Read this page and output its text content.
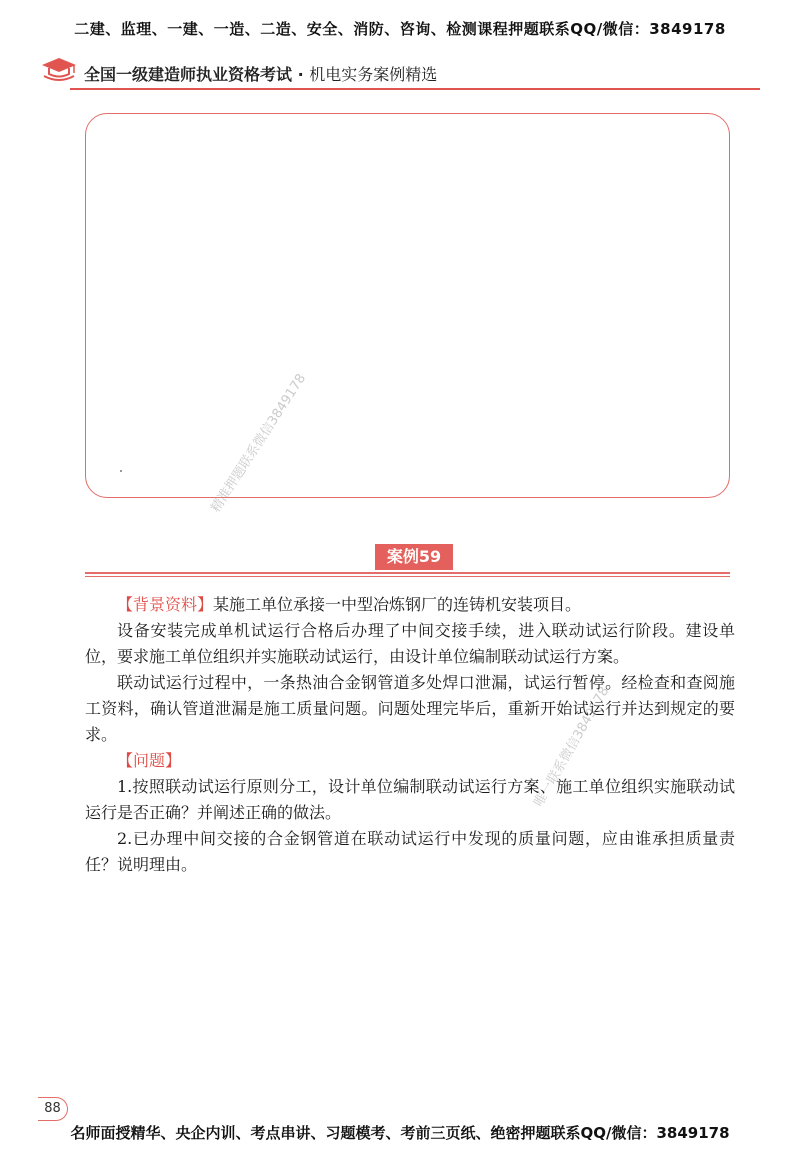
二建、监理、一建、一造、二造、安全、消防、咨询、检测课程押题联系QQ/微信：3849178
全国一级建造师执业资格考试 · 机电实务案例精选
精准押题联系微信3849178
唯一联系微信3849178
案例59

【背景资料】某施工单位承接一中型冶炼钢厂的连铸机安装项目。

设备安装完成单机试运行合格后办理了中间交接手续，进入联动试运行阶段。建设单位，要求施工单位组织并实施联动试运行，由设计单位编制联动试运行方案。

联动试运行过程中，一条热油合金钢管道多处焊口泄漏，试运行暂停。经检查和查阅施工资料，确认管道泄漏是施工质量问题。问题处理完毕后，重新开始试运行并达到规定的要求。

【问题】

1.按照联动试运行原则分工，设计单位编制联动试运行方案、施工单位组织实施联动试运行是否正确？并阐述正确的做法。

2.已办理中间交接的合金钢管道在联动试运行中发现的质量问题，应由谁承担质量责任？说明理由。

88
名师面授精华、央企内训、考点串讲、习题模考、考前三页纸、绝密押题联系QQ/微信：3849178
